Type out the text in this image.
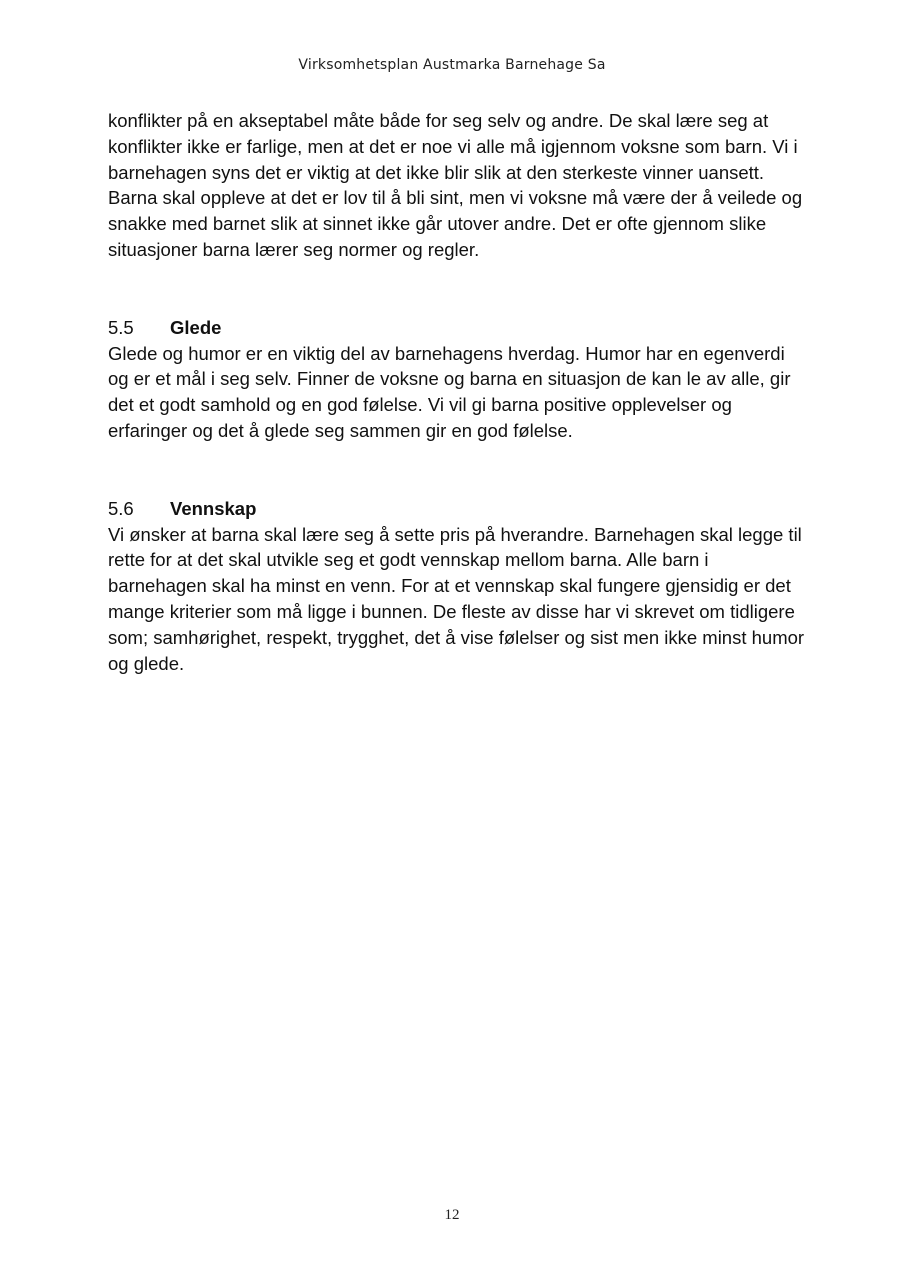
Virksomhetsplan Austmarka Barnehage Sa

konflikter på en akseptabel måte både for seg selv og andre. De skal lære seg at konflikter ikke er farlige, men at det er noe vi alle må igjennom voksne som barn. Vi i barnehagen syns det er viktig at det ikke blir slik at den sterkeste vinner uansett.

Barna skal oppleve at det er lov til å bli sint, men vi voksne må være der å veilede og snakke med barnet slik at sinnet ikke går utover andre. Det er ofte gjennom slike situasjoner barna lærer seg normer og regler.

5.5	Glede

Glede og humor er en viktig del av barnehagens hverdag. Humor har en egenverdi og er et mål i seg selv. Finner de voksne og barna en situasjon de kan le av alle, gir det et godt samhold og en god følelse. Vi vil gi barna positive opplevelser og erfaringer og det å glede seg sammen gir en god følelse.

5.6	Vennskap

Vi ønsker at barna skal lære seg å sette pris på hverandre. Barnehagen skal legge til rette for at det skal utvikle seg et godt vennskap mellom barna. Alle barn i barnehagen skal ha minst en venn. For at et vennskap skal fungere gjensidig er det mange kriterier som må ligge i bunnen. De fleste av disse har vi skrevet om tidligere som; samhørighet, respekt, trygghet, det å vise følelser og sist men ikke minst humor og glede.

12
